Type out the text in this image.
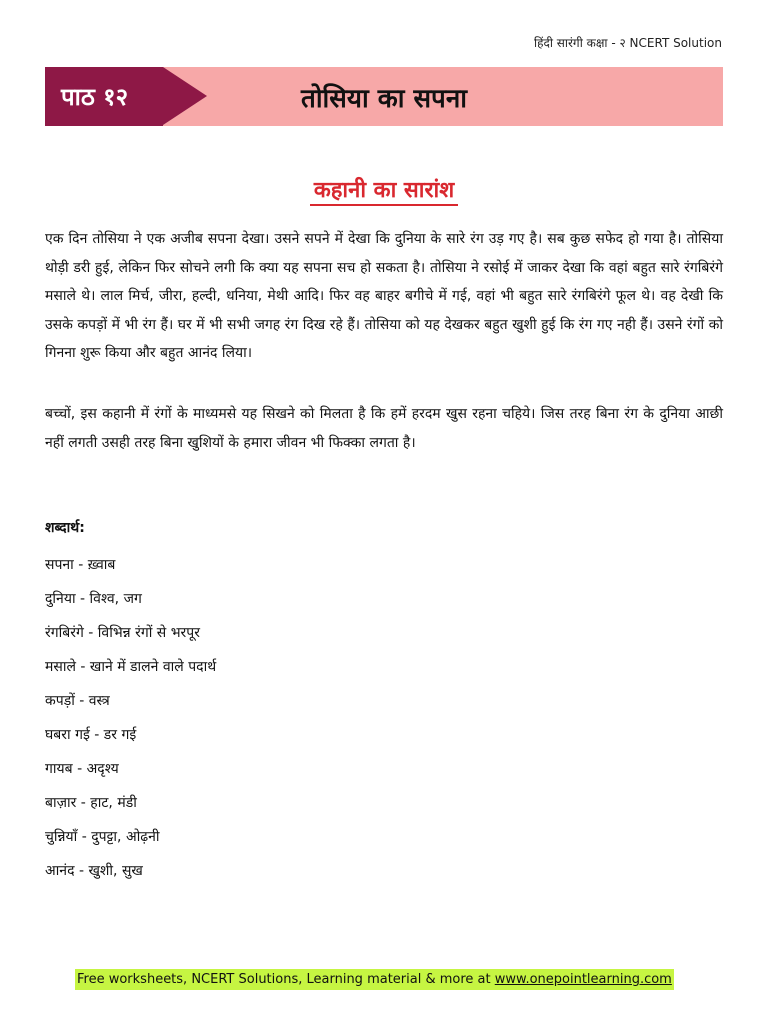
हिंदी सारंगी कक्षा - २ NCERT Solution
पाठ १२	तोसिया का सपना
कहानी का सारांश
एक दिन तोसिया ने एक अजीब सपना देखा। उसने सपने में देखा कि दुनिया के सारे रंग उड़ गए है। सब कुछ सफेद हो गया है। तोसिया थोड़ी डरी हुई, लेकिन फिर सोचने लगी कि क्या यह सपना सच हो सकता है। तोसिया ने रसोई में जाकर देखा कि वहां बहुत सारे रंगबिरंगे मसाले थे। लाल मिर्च, जीरा, हल्दी, धनिया, मेथी आदि। फिर वह बाहर बगीचे में गई, वहां भी बहुत सारे रंगबिरंगे फूल थे। वह देखी कि उसके कपड़ों में भी रंग हैं। घर में भी सभी जगह रंग दिख रहे हैं। तोसिया को यह देखकर बहुत खुशी हुई कि रंग गए नही हैं। उसने रंगों को गिनना शुरू किया और बहुत आनंद लिया।
बच्चों, इस कहानी में रंगों के माध्यमसे यह सिखने को मिलता है कि हमें हरदम खुस रहना चहिये। जिस तरह बिना रंग के दुनिया आछी नहीं लगती उसही तरह बिना खुशियों के हमारा जीवन भी फिक्का लगता है।
शब्दार्थ:
सपना - ख़्वाब
दुनिया - विश्व, जग
रंगबिरंगे - विभिन्न रंगों से भरपूर
मसाले - खाने में डालने वाले पदार्थ
कपड़ों - वस्त्र
घबरा गई - डर गई
गायब - अदृश्य
बाज़ार - हाट, मंडी
चुन्नियाँ - दुपट्टा, ओढ़नी
आनंद - खुशी, सुख
Free worksheets, NCERT Solutions, Learning material & more at www.onepointlearning.com
